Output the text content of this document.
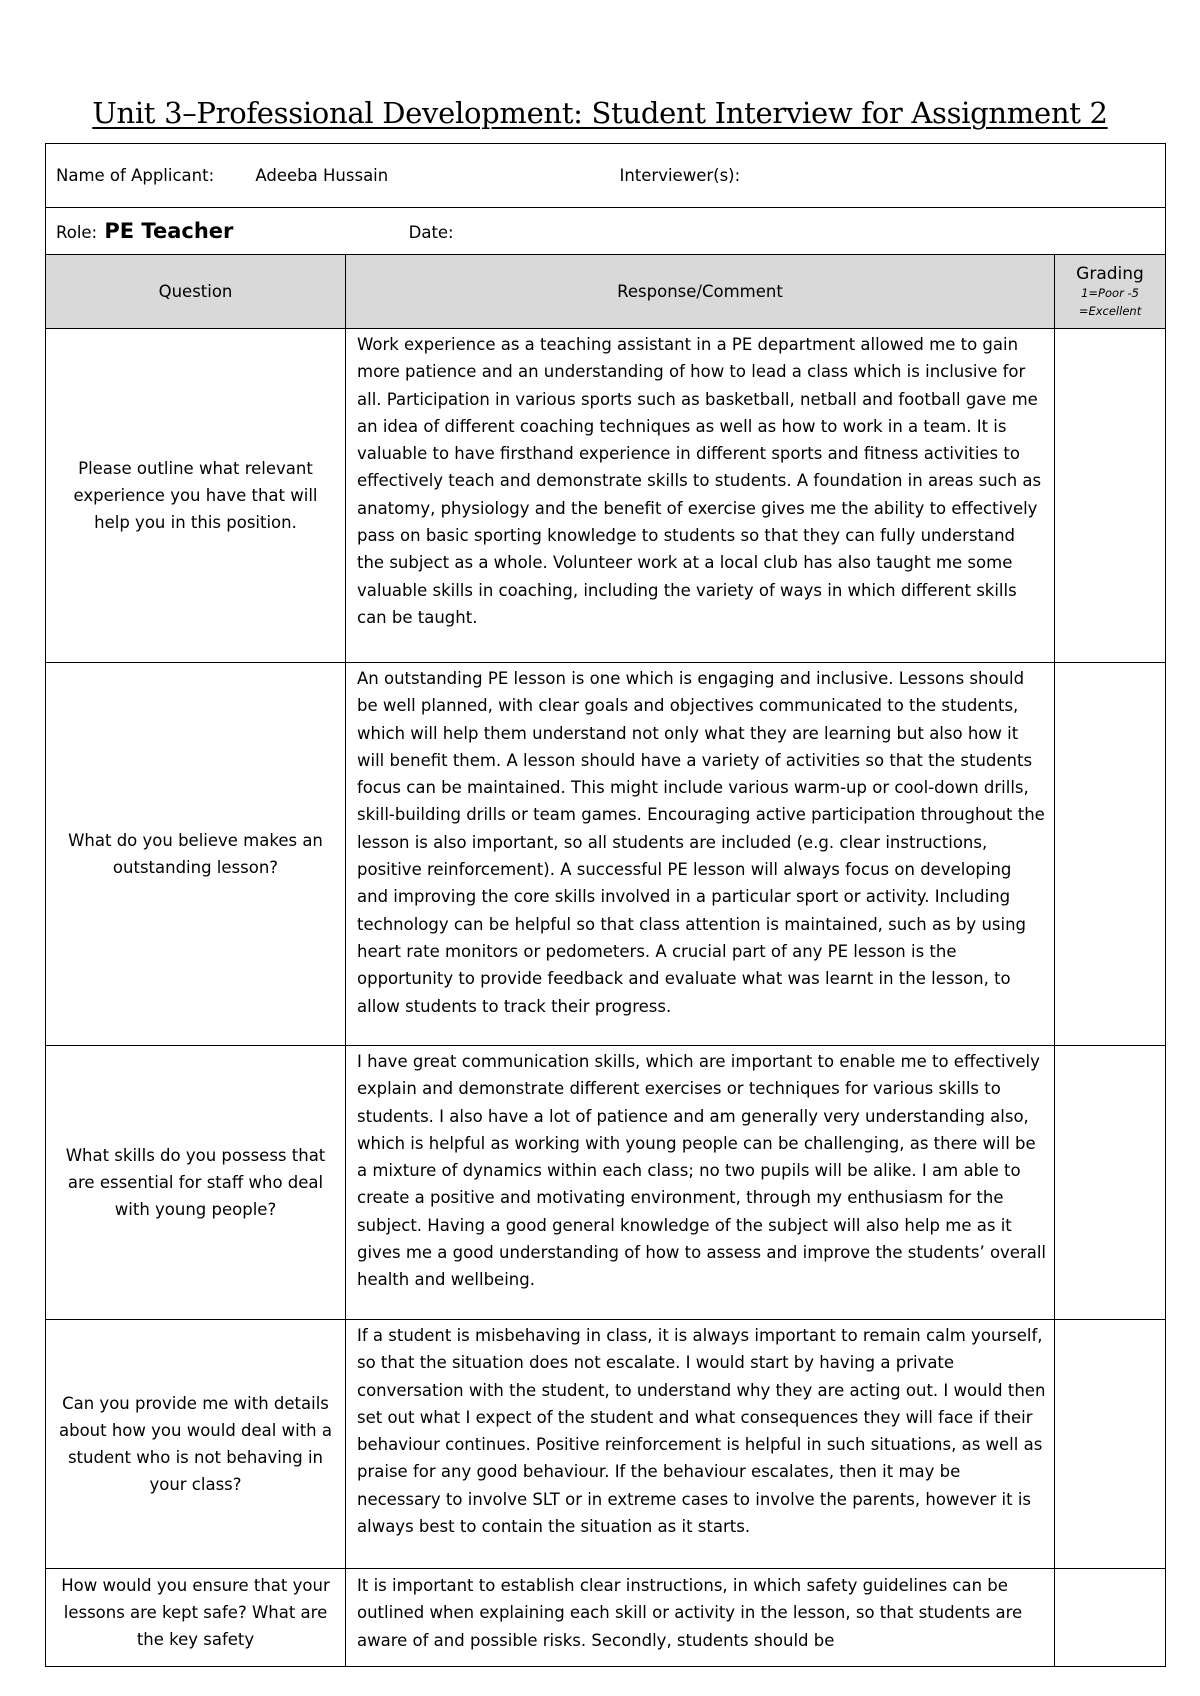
Unit 3–Professional Development: Student Interview for Assignment 2
Name of Applicant: Adeeba Hussain Interviewer(s):		
Role: PE Teacher Date:		
Question	Response/Comment	Grading
1=Poor -5 =Excellent

Please outline what relevant experience you have that will help you in this position.	Work experience as a teaching assistant in a PE department allowed me to gain more patience and an understanding of how to lead a class which is inclusive for all. Participation in various sports such as basketball, netball and football gave me an idea of different coaching techniques as well as how to work in a team. It is valuable to have firsthand experience in different sports and fitness activities to effectively teach and demonstrate skills to students. A foundation in areas such as anatomy, physiology and the benefit of exercise gives me the ability to effectively pass on basic sporting knowledge to students so that they can fully understand the subject as a whole. Volunteer work at a local club has also taught me some valuable skills in coaching, including the variety of ways in which different skills can be taught.	
What do you believe makes an outstanding lesson?	An outstanding PE lesson is one which is engaging and inclusive. Lessons should be well planned, with clear goals and objectives communicated to the students, which will help them understand not only what they are learning but also how it will benefit them. A lesson should have a variety of activities so that the students focus can be maintained. This might include various warm-up or cool-down drills, skill-building drills or team games. Encouraging active participation throughout the lesson is also important, so all students are included (e.g. clear instructions, positive reinforcement). A successful PE lesson will always focus on developing and improving the core skills involved in a particular sport or activity. Including technology can be helpful so that class attention is maintained, such as by using heart rate monitors or pedometers. A crucial part of any PE lesson is the opportunity to provide feedback and evaluate what was learnt in the lesson, to allow students to track their progress.	
What skills do you possess that are essential for staff who deal with young people?	I have great communication skills, which are important to enable me to effectively explain and demonstrate different exercises or techniques for various skills to students. I also have a lot of patience and am generally very understanding also, which is helpful as working with young people can be challenging, as there will be a mixture of dynamics within each class; no two pupils will be alike. I am able to create a positive and motivating environment, through my enthusiasm for the subject. Having a good general knowledge of the subject will also help me as it gives me a good understanding of how to assess and improve the students’ overall health and wellbeing.	
Can you provide me with details about how you would deal with a student who is not behaving in your class?	If a student is misbehaving in class, it is always important to remain calm yourself, so that the situation does not escalate. I would start by having a private conversation with the student, to understand why they are acting out. I would then set out what I expect of the student and what consequences they will face if their behaviour continues. Positive reinforcement is helpful in such situations, as well as praise for any good behaviour. If the behaviour escalates, then it may be necessary to involve SLT or in extreme cases to involve the parents, however it is always best to contain the situation as it starts.	

How would you ensure that your lessons are kept safe? What are the key safety	It is important to establish clear instructions, in which safety guidelines can be outlined when explaining each skill or activity in the lesson, so that students are aware of and possible risks. Secondly, students should be	
